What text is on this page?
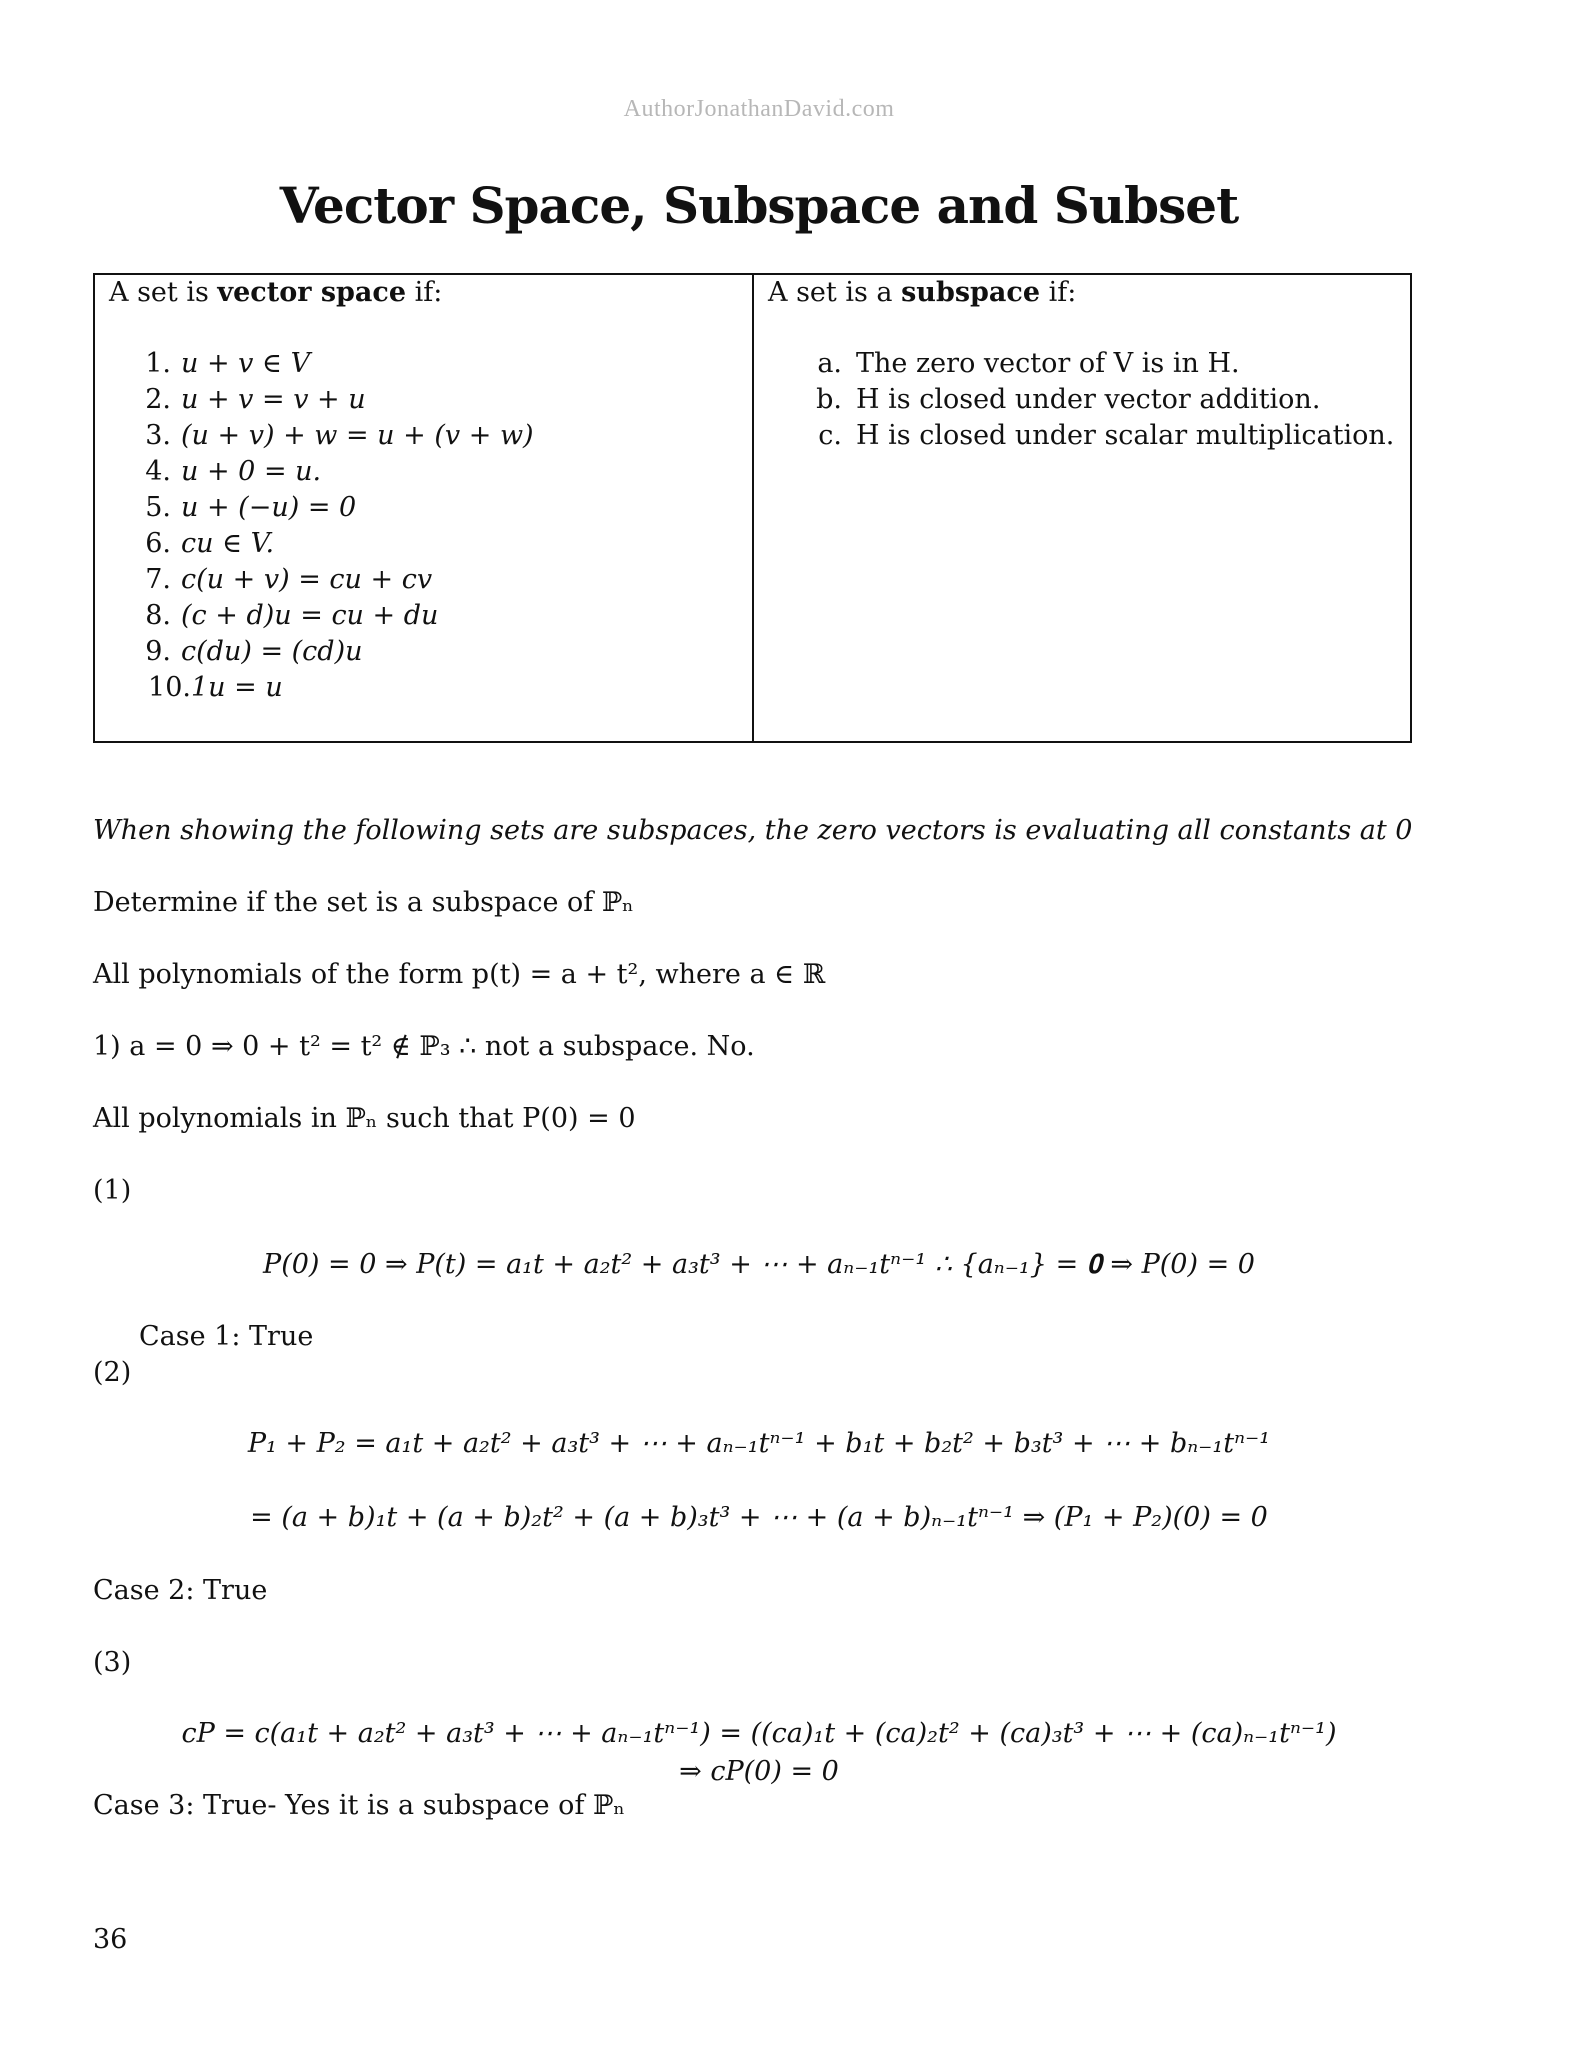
AuthorJonathanDavid.com
Vector Space, Subspace and Subset
A set is vector space if:
1. u + v ∈ V
2. u + v = v + u
3. (u + v) + w = u + (v + w)
4. u + 0 = u.
5. u + (−u) = 0
6. cu ∈ V.
7. c(u + v) = cu + cv
8. (c + d)u = cu + du
9. c(du) = (cd)u
10. 1u = u
A set is a subspace if:
a. The zero vector of V is in H.
b. H is closed under vector addition.
c. H is closed under scalar multiplication.
When showing the following sets are subspaces, the zero vectors is evaluating all constants at 0
Determine if the set is a subspace of ℙₙ
All polynomials of the form p(t) = a + t², where a ∈ ℝ
1) a = 0 ⇒ 0 + t² = t² ∉ ℙ₃ ∴ not a subspace. No.
All polynomials in ℙₙ such that P(0) = 0
(1)
P(0) = 0 ⇒ P(t) = a₁t + a₂t² + a₃t³ + ⋯ + aₙ₋₁tⁿ⁻¹ ∴ {aₙ₋₁} = 𝟎 ⇒ P(0) = 0
Case 1: True
(2)
P₁ + P₂ = a₁t + a₂t² + a₃t³ + ⋯ + aₙ₋₁tⁿ⁻¹ + b₁t + b₂t² + b₃t³ + ⋯ + bₙ₋₁tⁿ⁻¹
= (a + b)₁t + (a + b)₂t² + (a + b)₃t³ + ⋯ + (a + b)ₙ₋₁tⁿ⁻¹ ⇒ (P₁ + P₂)(0) = 0
Case 2: True
(3)
cP = c(a₁t + a₂t² + a₃t³ + ⋯ + aₙ₋₁tⁿ⁻¹) = ((ca)₁t + (ca)₂t² + (ca)₃t³ + ⋯ + (ca)ₙ₋₁tⁿ⁻¹)
⇒ cP(0) = 0
Case 3: True- Yes it is a subspace of ℙₙ
36
